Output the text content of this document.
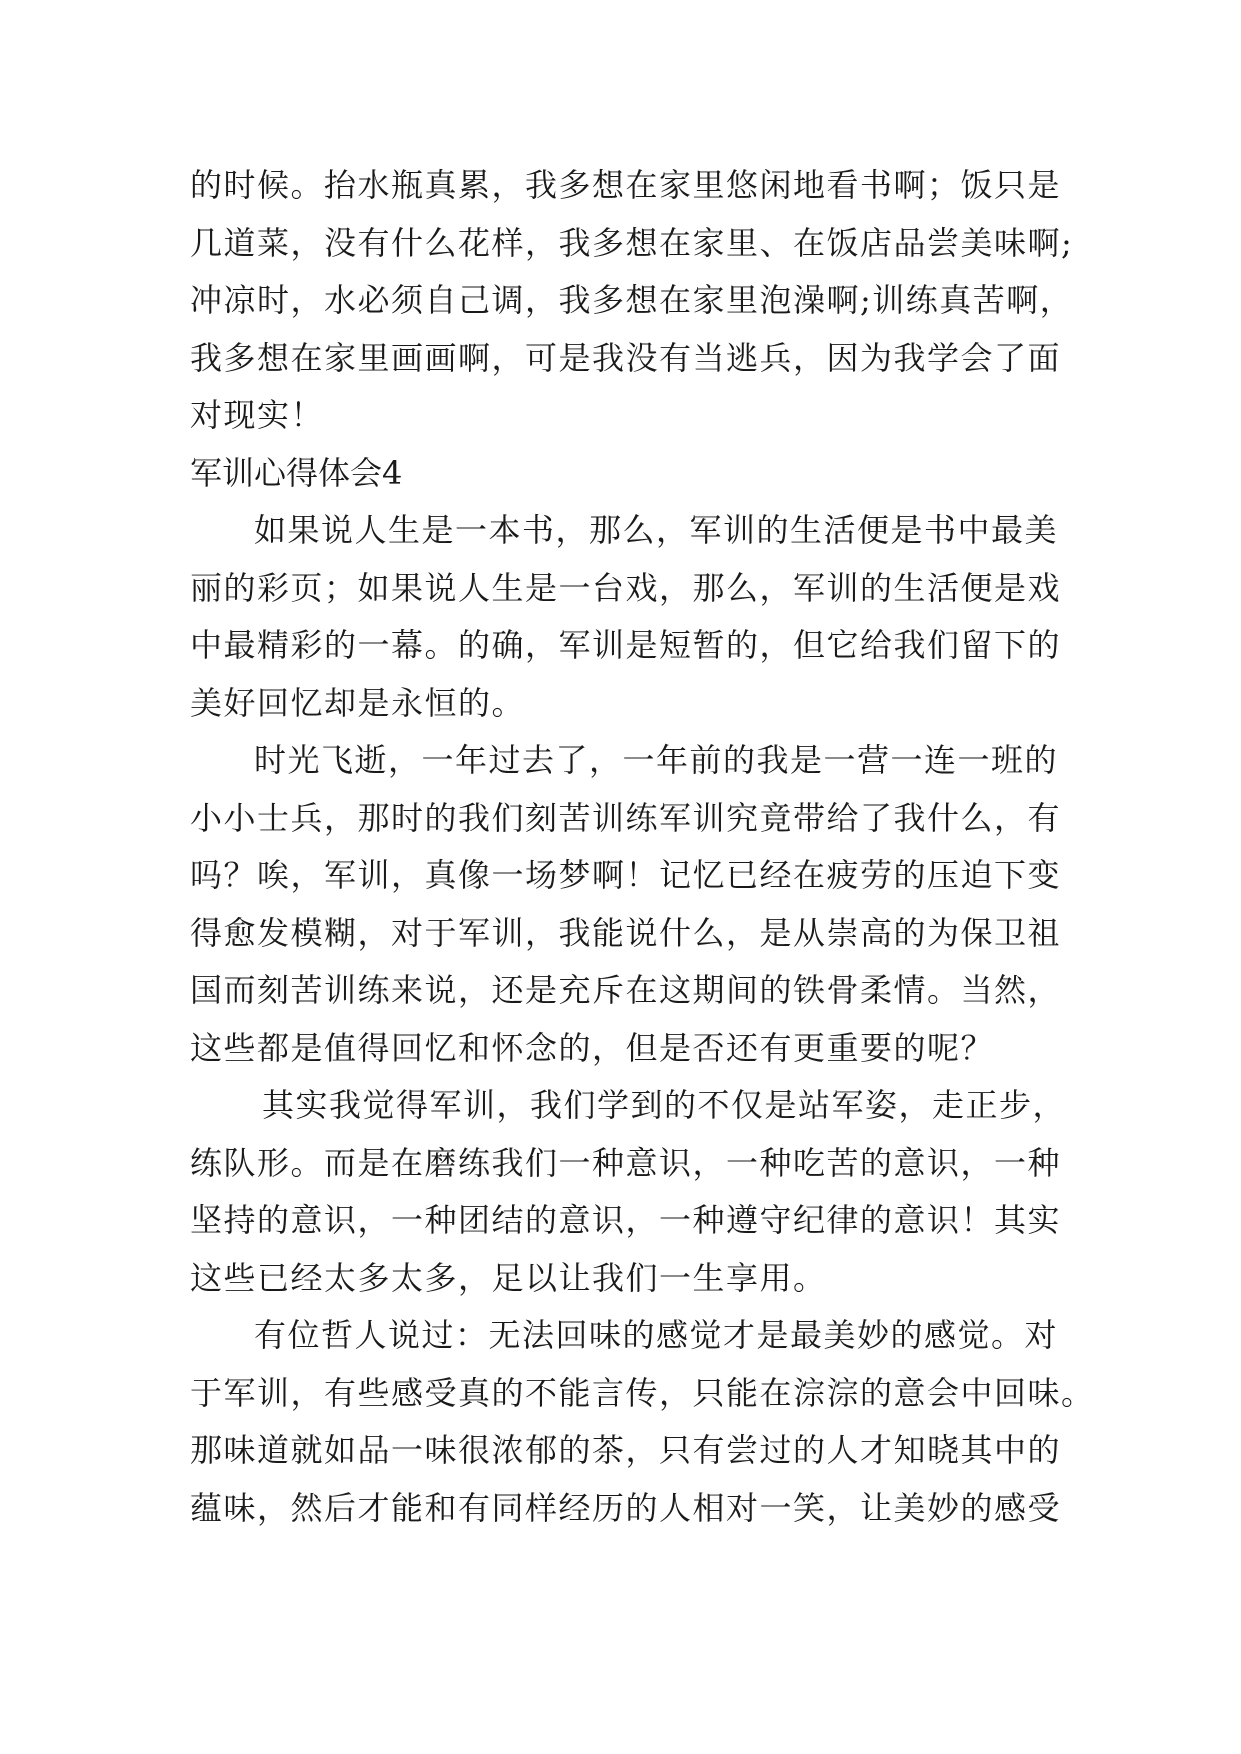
的时候。抬水瓶真累，我多想在家里悠闲地看书啊；饭只是
几道菜，没有什么花样，我多想在家里、在饭店品尝美味啊;
冲凉时，水必须自己调，我多想在家里泡澡啊;训练真苦啊，
我多想在家里画画啊，可是我没有当逃兵，因为我学会了面
对现实！
军训心得体会4
如果说人生是一本书，那么，军训的生活便是书中最美
丽的彩页；如果说人生是一台戏，那么，军训的生活便是戏
中最精彩的一幕。的确，军训是短暂的，但它给我们留下的
美好回忆却是永恒的。
时光飞逝，一年过去了，一年前的我是一营一连一班的
小小士兵，那时的我们刻苦训练军训究竟带给了我什么，有
吗？唉，军训，真像一场梦啊！记忆已经在疲劳的压迫下变
得愈发模糊，对于军训，我能说什么，是从崇高的为保卫祖
国而刻苦训练来说，还是充斥在这期间的铁骨柔情。当然，
这些都是值得回忆和怀念的，但是否还有更重要的呢？
其实我觉得军训，我们学到的不仅是站军姿，走正步，
练队形。而是在磨练我们一种意识，一种吃苦的意识，一种
坚持的意识，一种团结的意识，一种遵守纪律的意识！其实
这些已经太多太多，足以让我们一生享用。
有位哲人说过：无法回味的感觉才是最美妙的感觉。对
于军训，有些感受真的不能言传，只能在淙淙的意会中回味。
那味道就如品一味很浓郁的茶，只有尝过的人才知晓其中的
蕴味，然后才能和有同样经历的人相对一笑，让美妙的感受
